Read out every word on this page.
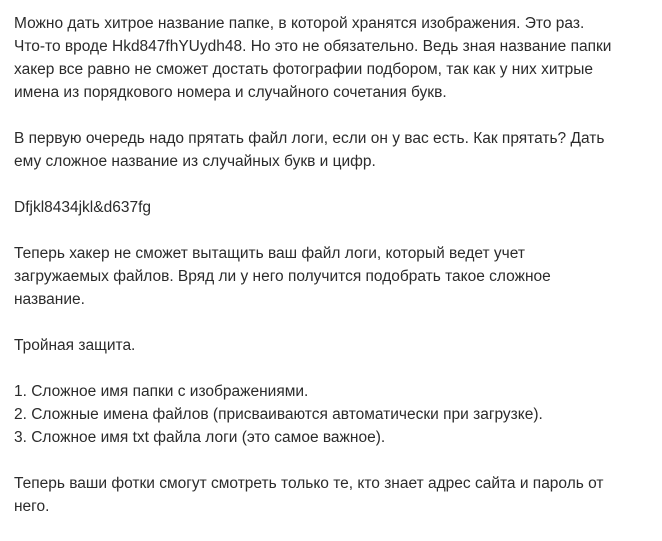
Можно дать хитрое название папке, в которой хранятся изображения. Это раз.
Что-то вроде Hkd847fhYUydh48. Но это не обязательно. Ведь зная название папки
хакер все равно не сможет достать фотографии подбором, так как у них хитрые
имена из порядкового номера и случайного сочетания букв.

В первую очередь надо прятать файл логи, если он у вас есть. Как прятать? Дать
ему сложное название из случайных букв и цифр.

Dfjkl8434jkl&d637fg

Теперь хакер не сможет вытащить ваш файл логи, который ведет учет
загружаемых файлов. Вряд ли у него получится подобрать такое сложное
название.

Тройная защита.

1. Сложное имя папки с изображениями.
2. Сложные имена файлов (присваиваются автоматически при загрузке).
3. Сложное имя txt файла логи (это самое важное).

Теперь ваши фотки смогут смотреть только те, кто знает адрес сайта и пароль от
него.
